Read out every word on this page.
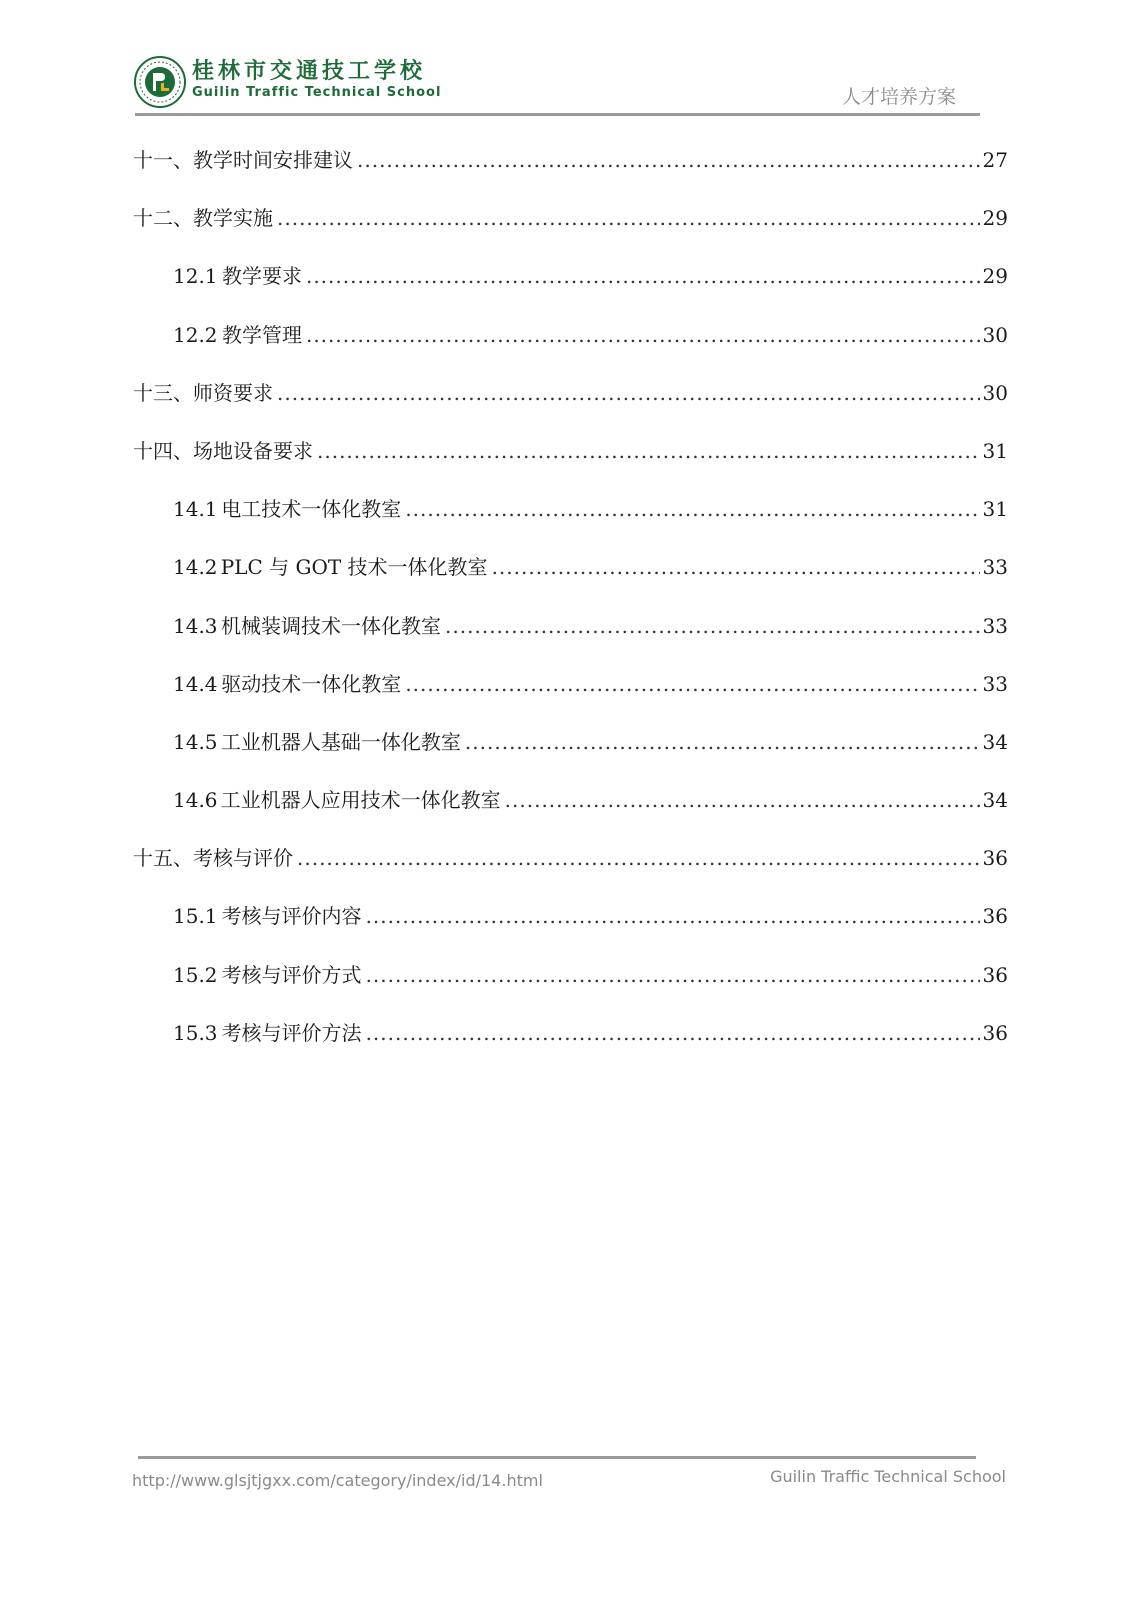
桂林市交通技工学校
Guilin Traffic Technical School	人才培养方案
十一、 教学时间安排建议 .....	27
十二、 教学实施 .....	29
12.1 教学要求 .....	29
12.2 教学管理 .....	30
十三、 师资要求 .....	30
十四、 场地设备要求 .....	31
14.1 电工技术一体化教室 .....	31
14.2 PLC 与 GOT 技术一体化教室 .....	33
14.3 机械装调技术一体化教室 .....	33
14.4 驱动技术一体化教室 .....	33
14.5 工业机器人基础一体化教室 .....	34
14.6 工业机器人应用技术一体化教室 .....	34
十五、 考核与评价 .....	36
15.1 考核与评价内容 .....	36
15.2 考核与评价方式 .....	36
15.3 考核与评价方法 .....	36
http://www.glsjtjgxx.com/category/index/id/14.html	Guilin Traffic Technical School
